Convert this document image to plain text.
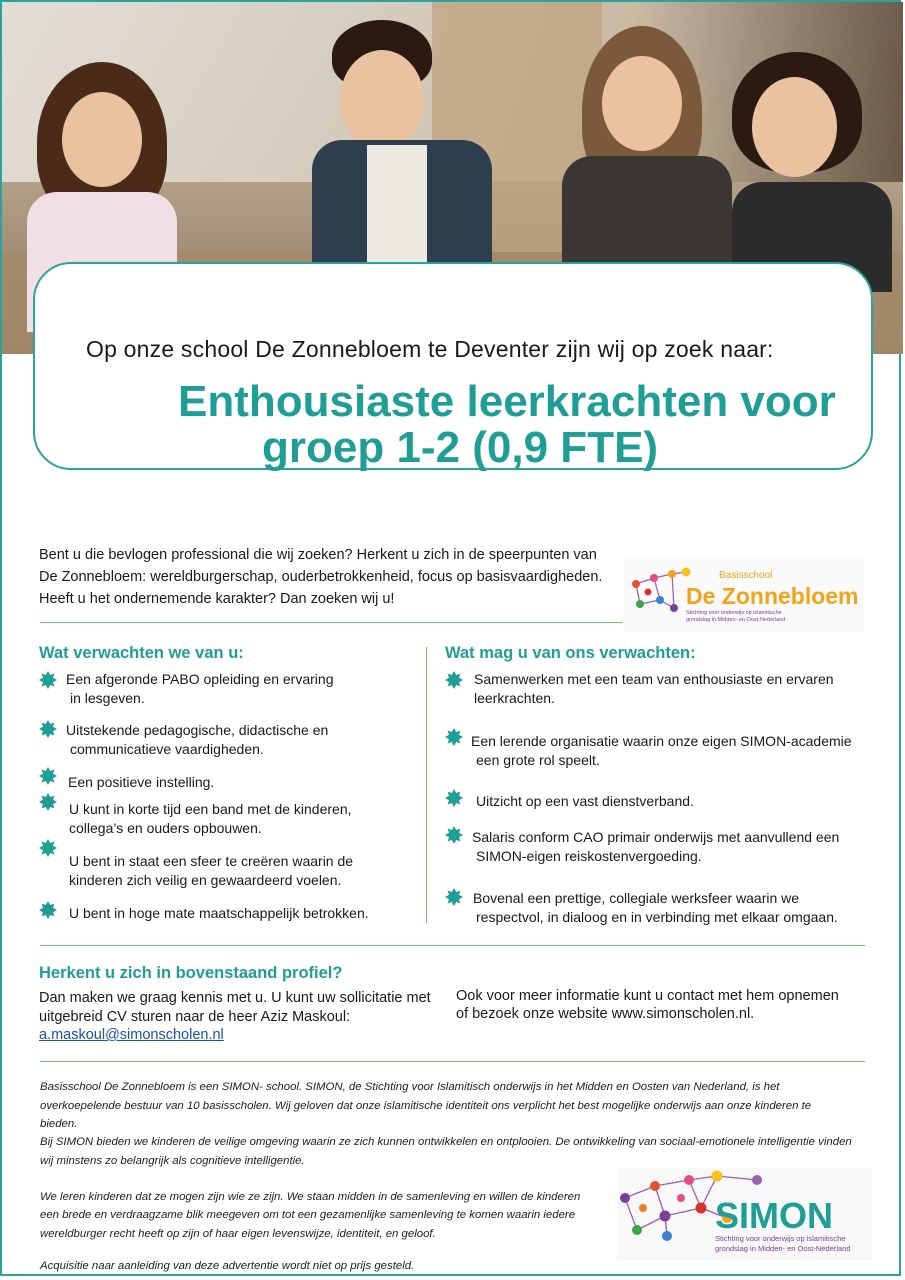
Op onze school De Zonnebloem te Deventer zijn wij op zoek naar:
Enthousiaste leerkrachten voor
groep 1-2 (0,9 FTE)
Bent u die bevlogen professional die wij zoeken? Herkent u zich in de speerpunten van
De Zonnebloem: wereldburgerschap, ouderbetrokkenheid, focus op basisvaardigheden.
Heeft u het ondernemende karakter? Dan zoeken wij u!
Basisschool
De Zonnebloem
Stichting voor onderwijs op islamitische
grondslag in Midden- en Oost-Nederland
Wat verwachten we van u:
Een afgeronde PABO opleiding en ervaring
in lesgeven.
Uitstekende pedagogische, didactische en
communicatieve vaardigheden.
Een positieve instelling.
U kunt in korte tijd een band met de kinderen,
collega’s en ouders opbouwen.
U bent in staat een sfeer te creëren waarin de
kinderen zich veilig en gewaardeerd voelen.
U bent in hoge mate maatschappelijk betrokken.
Samenwerken met een team van enthousiaste en ervaren
leerkrachten.
Een lerende organisatie waarin onze eigen SIMON-academie
een grote rol speelt.
Uitzicht op een vast dienstverband.
Salaris conform CAO primair onderwijs met aanvullend een
SIMON-eigen reiskostenvergoeding.
Bovenal een prettige, collegiale werksfeer waarin we
respectvol, in dialoog en in verbinding met elkaar omgaan.
Wat mag u van ons verwachten:
Herkent u zich in bovenstaand profiel?
Dan maken we graag kennis met u. U kunt uw sollicitatie met
uitgebreid CV sturen naar de heer Aziz Maskoul:
a.maskoul@simonscholen.nl
Ook voor meer informatie kunt u contact met hem opnemen
of bezoek onze website www.simonscholen.nl.
Basisschool De Zonnebloem is een SIMON- school. SIMON, de Stichting voor Islamitisch onderwijs in het Midden en Oosten van Nederland, is het
overkoepelende bestuur van 10 basisscholen. Wij geloven dat onze islamitische identiteit ons verplicht het best mogelijke onderwijs aan onze kinderen te
bieden.
Bij SIMON bieden we kinderen de veilige omgeving waarin ze zich kunnen ontwikkelen en ontplooien. De ontwikkeling van sociaal-emotionele intelligentie vinden
wij minstens zo belangrijk als cognitieve intelligentie.
We leren kinderen dat ze mogen zijn wie ze zijn. We staan midden in de samenleving en willen de kinderen
een brede en verdraagzame blik meegeven om tot een gezamenlijke samenleving te komen waarin iedere
wereldburger recht heeft op zijn of haar eigen levenswijze, identiteit, en geloof.
Acquisitie naar aanleiding van deze advertentie wordt niet op prijs gesteld.
SIMON
Stichting voor onderwijs op islamitische
grondslag in Midden- en Oost-Nederland
